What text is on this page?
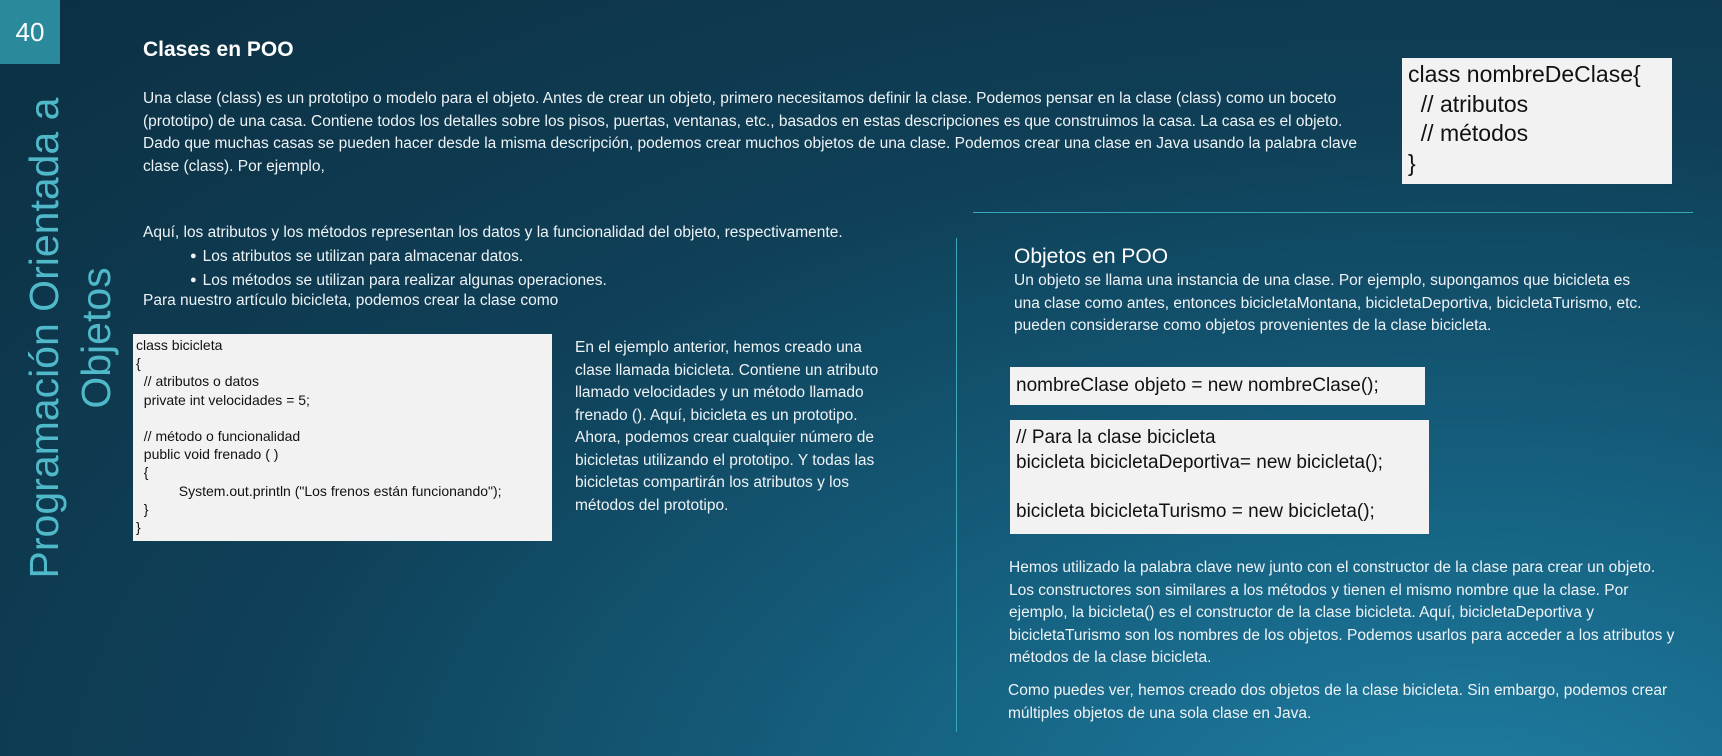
40
Programación Orientada a Objetos
Clases en POO

Una clase (class) es un prototipo o modelo para el objeto. Antes de crear un objeto, primero necesitamos definir la clase. Podemos pensar en la clase (class) como un boceto (prototipo) de una casa. Contiene todos los detalles sobre los pisos, puertas, ventanas, etc., basados en estas descripciones es que construimos la casa. La casa es el objeto. Dado que muchas casas se pueden hacer desde la misma descripción, podemos crear muchos objetos de una clase. Podemos crear una clase en Java usando la palabra clave clase (class). Por ejemplo,

class nombreDeClase{
// atributos
// métodos
}

Aquí, los atributos y los métodos representan los datos y la funcionalidad del objeto, respectivamente.

● Los atributos se utilizan para almacenar datos.
● Los métodos se utilizan para realizar algunas operaciones.

Para nuestro artículo bicicleta, podemos crear la clase como

class bicicleta
{
// atributos o datos
private int velocidades = 5;

// método o funcionalidad
public void frenado ( )
{
System.out.println ("Los frenos están funcionando");
}
}

En el ejemplo anterior, hemos creado una clase llamada bicicleta. Contiene un atributo llamado velocidades y un método llamado frenado (). Aquí, bicicleta es un prototipo. Ahora, podemos crear cualquier número de bicicletas utilizando el prototipo. Y todas las bicicletas compartirán los atributos y los métodos del prototipo.

Objetos en POO

Un objeto se llama una instancia de una clase. Por ejemplo, supongamos que bicicleta es una clase como antes, entonces bicicletaMontana, bicicletaDeportiva, bicicletaTurismo, etc. pueden considerarse como objetos provenientes de la clase bicicleta.

nombreClase objeto = new nombreClase();
// Para la clase bicicleta
bicicleta bicicletaDeportiva= new bicicleta();

bicicleta bicicletaTurismo = new bicicleta();

Hemos utilizado la palabra clave new junto con el constructor de la clase para crear un objeto. Los constructores son similares a los métodos y tienen el mismo nombre que la clase. Por ejemplo, la bicicleta() es el constructor de la clase bicicleta. Aquí, bicicletaDeportiva y bicicletaTurismo son los nombres de los objetos. Podemos usarlos para acceder a los atributos y métodos de la clase bicicleta.

Como puedes ver, hemos creado dos objetos de la clase bicicleta. Sin embargo, podemos crear múltiples objetos de una sola clase en Java.
